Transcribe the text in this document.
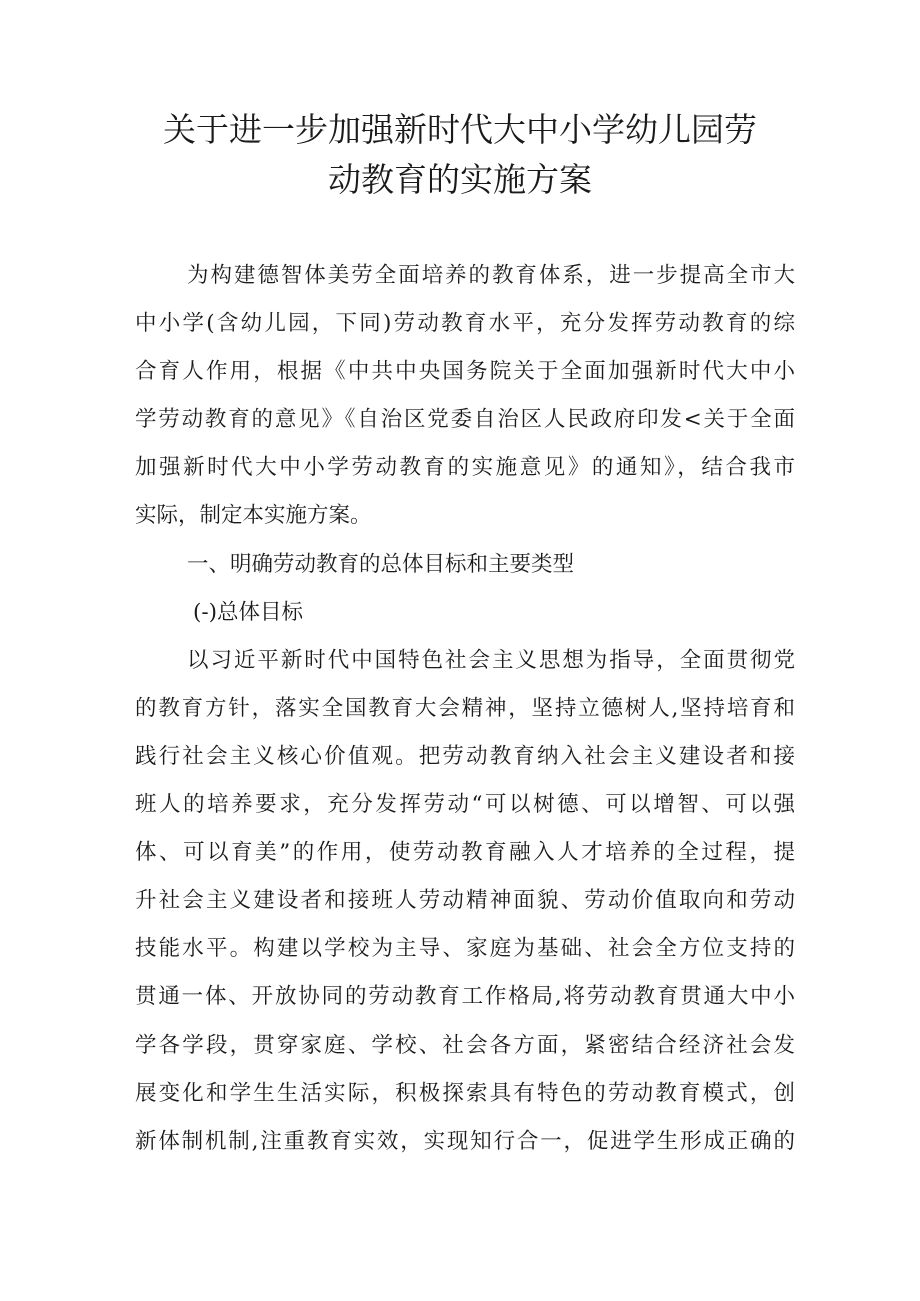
关于进一步加强新时代大中小学幼儿园劳
动教育的实施方案
为构建德智体美劳全面培养的教育体系，进一步提高全市大
中小学(含幼儿园，下同)劳动教育水平，充分发挥劳动教育的综
合育人作用，根据《中共中央国务院关于全面加强新时代大中小
学劳动教育的意见》《自治区党委自治区人民政府印发<关于全面
加强新时代大中小学劳动教育的实施意见》的通知》，结合我市
实际，制定本实施方案。
一、明确劳动教育的总体目标和主要类型
(-)总体目标
以习近平新时代中国特色社会主义思想为指导，全面贯彻党
的教育方针，落实全国教育大会精神，坚持立德树人,坚持培育和
践行社会主义核心价值观。把劳动教育纳入社会主义建设者和接
班人的培养要求，充分发挥劳动“可以树德、可以增智、可以强
体、可以育美”的作用，使劳动教育融入人才培养的全过程，提
升社会主义建设者和接班人劳动精神面貌、劳动价值取向和劳动
技能水平。构建以学校为主导、家庭为基础、社会全方位支持的
贯通一体、开放协同的劳动教育工作格局,将劳动教育贯通大中小
学各学段，贯穿家庭、学校、社会各方面，紧密结合经济社会发
展变化和学生生活实际，积极探索具有特色的劳动教育模式，创
新体制机制,注重教育实效，实现知行合一，促进学生形成正确的
